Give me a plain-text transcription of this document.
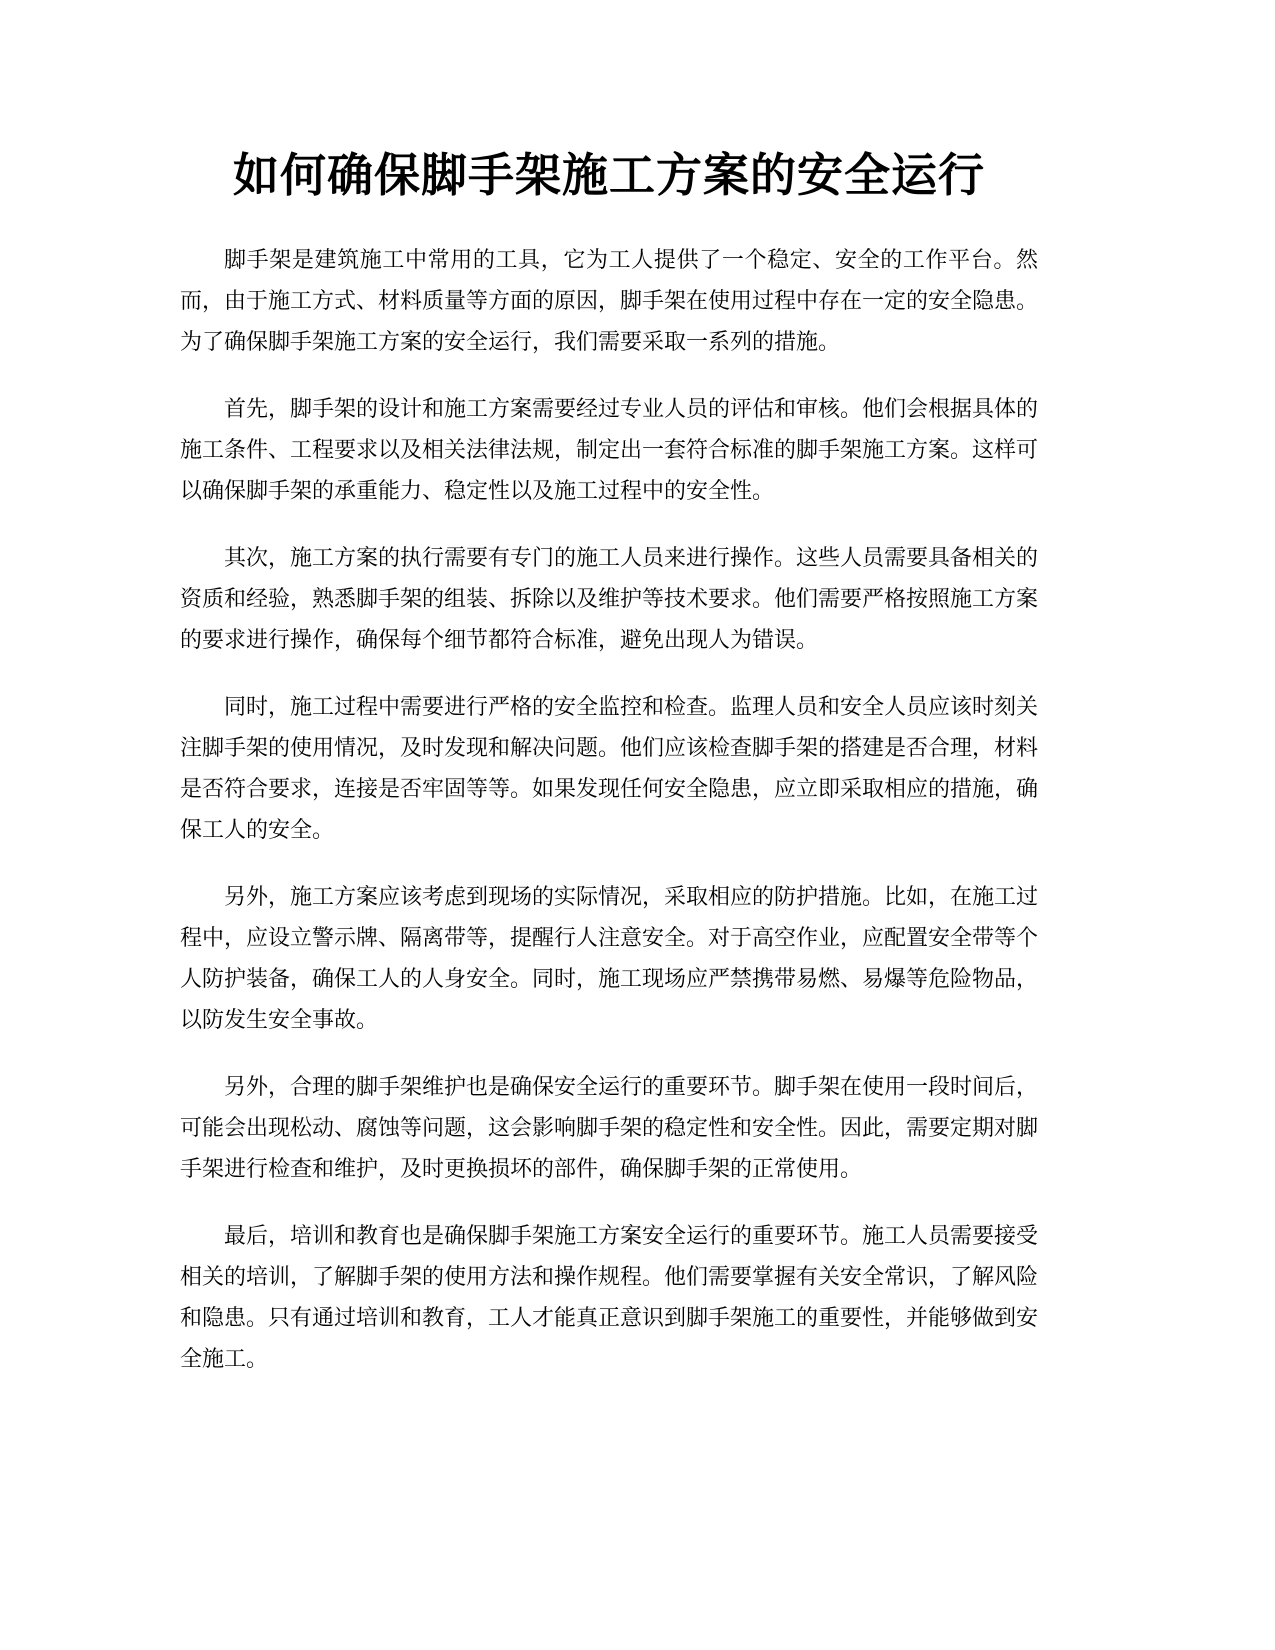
如何确保脚手架施工方案的安全运行

脚手架是建筑施工中常用的工具，它为工人提供了一个稳定、安全的工作平台。然而，由于施工方式、材料质量等方面的原因，脚手架在使用过程中存在一定的安全隐患。为了确保脚手架施工方案的安全运行，我们需要采取一系列的措施。

首先，脚手架的设计和施工方案需要经过专业人员的评估和审核。他们会根据具体的施工条件、工程要求以及相关法律法规，制定出一套符合标准的脚手架施工方案。这样可以确保脚手架的承重能力、稳定性以及施工过程中的安全性。

其次，施工方案的执行需要有专门的施工人员来进行操作。这些人员需要具备相关的资质和经验，熟悉脚手架的组装、拆除以及维护等技术要求。他们需要严格按照施工方案的要求进行操作，确保每个细节都符合标准，避免出现人为错误。

同时，施工过程中需要进行严格的安全监控和检查。监理人员和安全人员应该时刻关注脚手架的使用情况，及时发现和解决问题。他们应该检查脚手架的搭建是否合理，材料是否符合要求，连接是否牢固等等。如果发现任何安全隐患，应立即采取相应的措施，确保工人的安全。

另外，施工方案应该考虑到现场的实际情况，采取相应的防护措施。比如，在施工过程中，应设立警示牌、隔离带等，提醒行人注意安全。对于高空作业，应配置安全带等个人防护装备，确保工人的人身安全。同时，施工现场应严禁携带易燃、易爆等危险物品，以防发生安全事故。

另外，合理的脚手架维护也是确保安全运行的重要环节。脚手架在使用一段时间后，可能会出现松动、腐蚀等问题，这会影响脚手架的稳定性和安全性。因此，需要定期对脚手架进行检查和维护，及时更换损坏的部件，确保脚手架的正常使用。

最后，培训和教育也是确保脚手架施工方案安全运行的重要环节。施工人员需要接受相关的培训，了解脚手架的使用方法和操作规程。他们需要掌握有关安全常识，了解风险和隐患。只有通过培训和教育，工人才能真正意识到脚手架施工的重要性，并能够做到安全施工。
